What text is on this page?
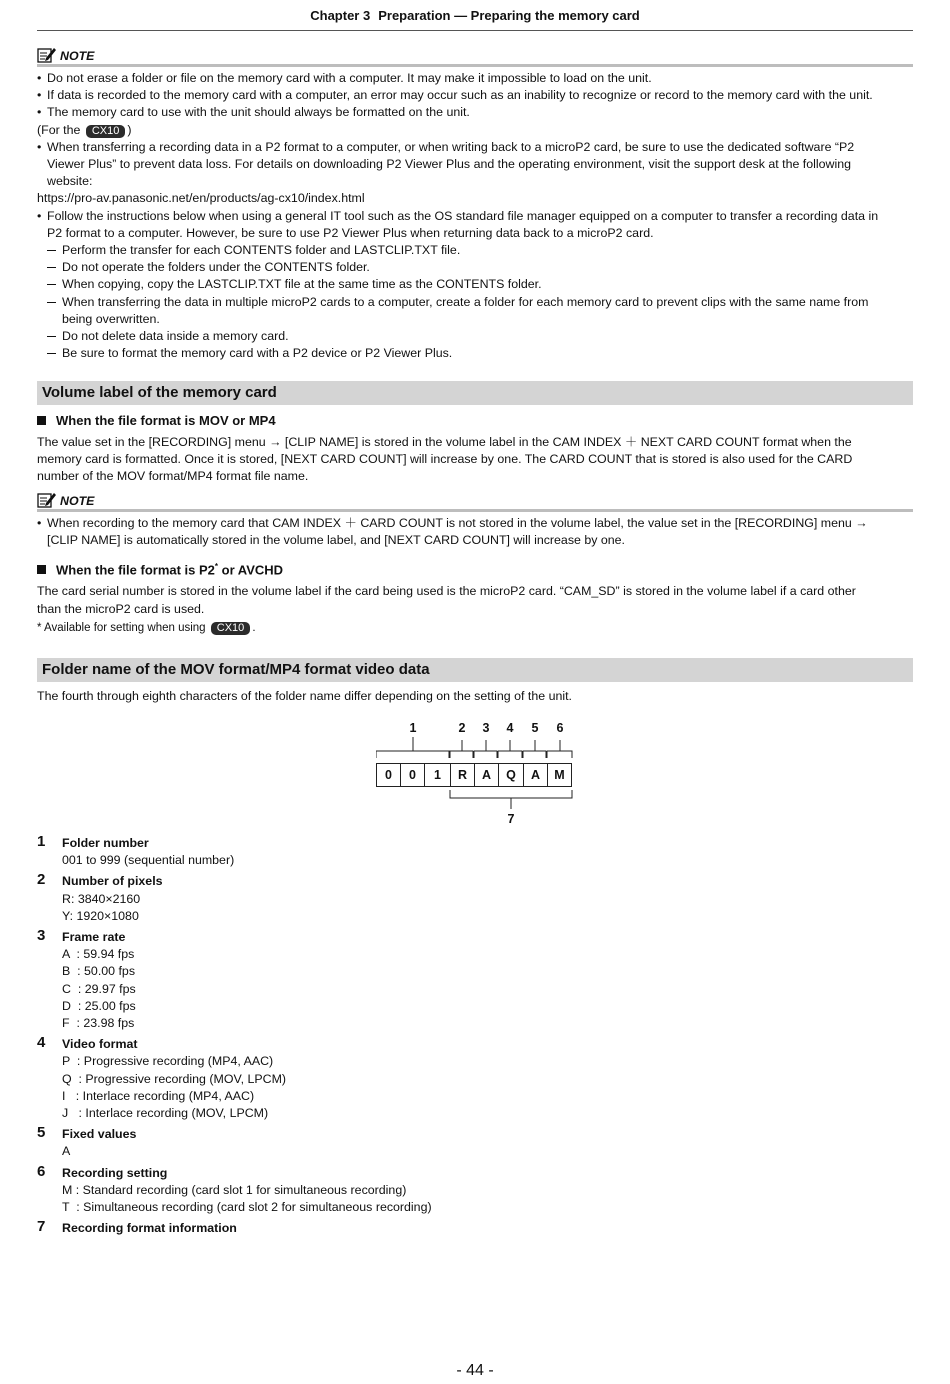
Chapter 3 Preparation — Preparing the memory card
NOTE
• Do not erase a folder or file on the memory card with a computer. It may make it impossible to load on the unit.
• If data is recorded to the memory card with a computer, an error may occur such as an inability to recognize or record to the memory card with the unit.
• The memory card to use with the unit should always be formatted on the unit.
(For the CX10 )
• When transferring a recording data in a P2 format to a computer, or when writing back to a microP2 card, be sure to use the dedicated software “P2
Viewer Plus” to prevent data loss. For details on downloading P2 Viewer Plus and the operating environment, visit the support desk at the following
website:
https://pro-av.panasonic.net/en/products/ag-cx10/index.html
• Follow the instructions below when using a general IT tool such as the OS standard file manager equipped on a computer to transfer a recording data in
P2 format to a computer. However, be sure to use P2 Viewer Plus when returning data back to a microP2 card.
Perform the transfer for each CONTENTS folder and LASTCLIP.TXT file.
Do not operate the folders under the CONTENTS folder.
When copying, copy the LASTCLIP.TXT file at the same time as the CONTENTS folder.
When transferring the data in multiple microP2 cards to a computer, create a folder for each memory card to prevent clips with the same name from
being overwritten.
Do not delete data inside a memory card.
Be sure to format the memory card with a P2 device or P2 Viewer Plus.
Volume label of the memory card
When the file format is MOV or MP4
The value set in the [RECORDING] menu → [CLIP NAME] is stored in the volume label in the CAM INDEX ＋ NEXT CARD COUNT format when the
memory card is formatted. Once it is stored, [NEXT CARD COUNT] will increase by one. The CARD COUNT that is stored is also used for the CARD
number of the MOV format/MP4 format file name.
NOTE
• When recording to the memory card that CAM INDEX ＋ CARD COUNT is not stored in the volume label, the value set in the [RECORDING] menu →
[CLIP NAME] is automatically stored in the volume label, and [NEXT CARD COUNT] will increase by one.
When the file format is P2* or AVCHD
The card serial number is stored in the volume label if the card being used is the microP2 card. “CAM_SD” is stored in the volume label if a card other
than the microP2 card is used.
* Available for setting when using CX10 .
Folder name of the MOV format/MP4 format video data
The fourth through eighth characters of the folder name differ depending on the setting of the unit.
1	2 3 4 5 6
7
0	0	1	R	A	Q	A	M
1 Folder number
001 to 999 (sequential number)
2 Number of pixels
R: 3840×2160
Y: 1920×1080
3 Frame rate
A  : 59.94 fps
B  : 50.00 fps
C  : 29.97 fps
D  : 25.00 fps
F  : 23.98 fps
4 Video format
P  : Progressive recording (MP4, AAC)
Q  : Progressive recording (MOV, LPCM)
I   : Interlace recording (MP4, AAC)
J   : Interlace recording (MOV, LPCM)
5 Fixed values
A
6 Recording setting
M : Standard recording (card slot 1 for simultaneous recording)
T  : Simultaneous recording (card slot 2 for simultaneous recording)
7 Recording format information
- 44 -
